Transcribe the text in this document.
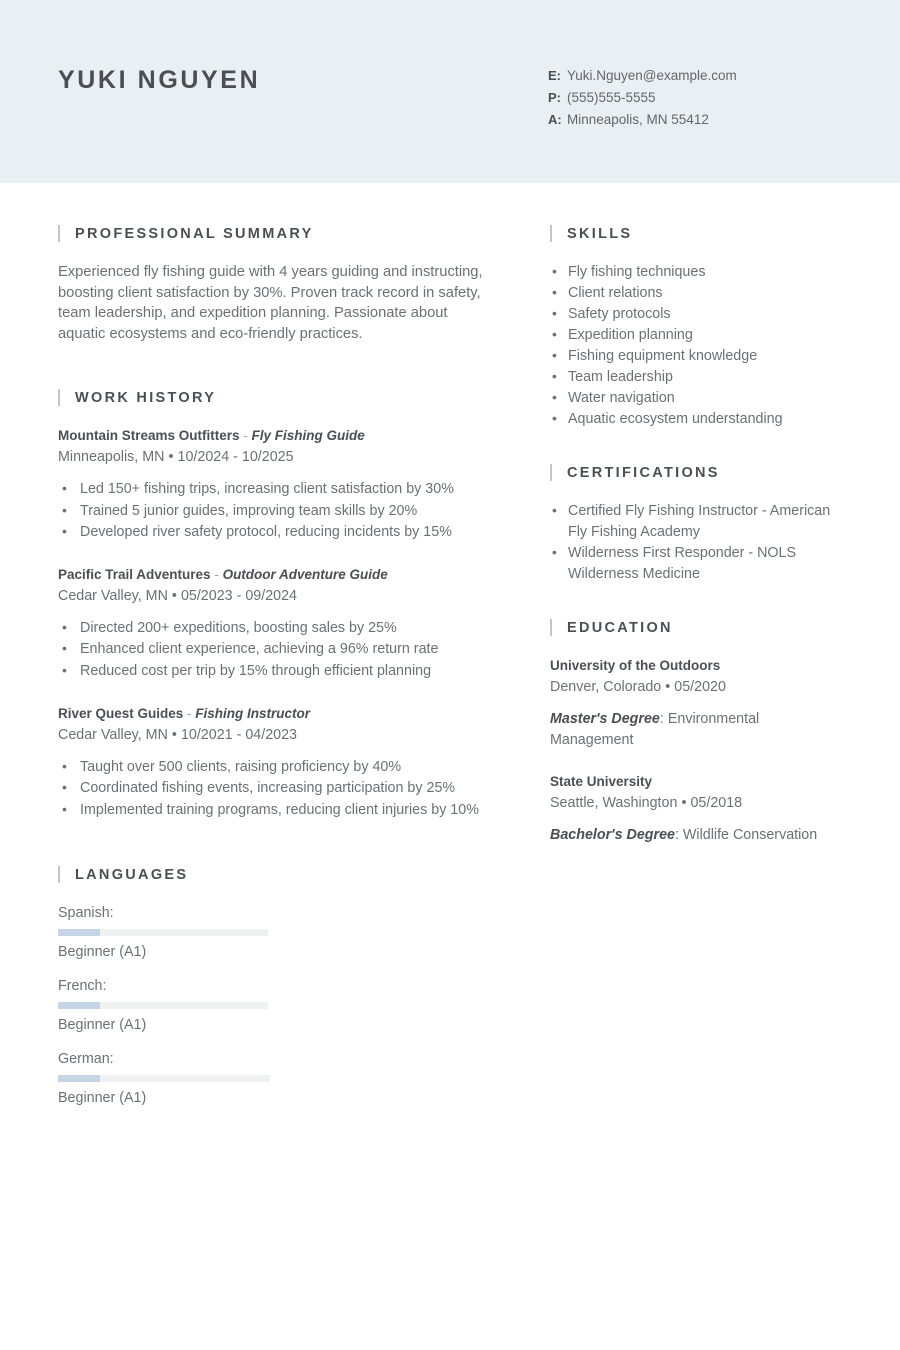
YUKI NGUYEN	E: Yuki.Nguyen@example.com
P: (555)555-5555
A: Minneapolis, MN 55412
PROFESSIONAL SUMMARY

Experienced fly fishing guide with 4 years guiding and instructing, boosting client satisfaction by 30%. Proven track record in safety, team leadership, and expedition planning. Passionate about aquatic ecosystems and eco-friendly practices.

WORK HISTORY
Mountain Streams Outfitters - Fly Fishing Guide
Minneapolis, MN • 10/2024 - 10/2025
• Led 150+ fishing trips, increasing client satisfaction by 30%
• Trained 5 junior guides, improving team skills by 20%
• Developed river safety protocol, reducing incidents by 15%
Pacific Trail Adventures - Outdoor Adventure Guide
Cedar Valley, MN • 05/2023 - 09/2024
• Directed 200+ expeditions, boosting sales by 25%
• Enhanced client experience, achieving a 96% return rate
• Reduced cost per trip by 15% through efficient planning
River Quest Guides - Fishing Instructor
Cedar Valley, MN • 10/2021 - 04/2023
• Taught over 500 clients, raising proficiency by 40%
• Coordinated fishing events, increasing participation by 25%
• Implemented training programs, reducing client injuries by 10%
LANGUAGES
Spanish:
Beginner (A1)
French:
Beginner (A1)
German:
Beginner (A1)
SKILLS
• Fly fishing techniques
• Client relations
• Safety protocols
• Expedition planning
• Fishing equipment knowledge
• Team leadership
• Water navigation
• Aquatic ecosystem understanding
CERTIFICATIONS
• Certified Fly Fishing Instructor - American Fly Fishing Academy
• Wilderness First Responder - NOLS Wilderness Medicine
EDUCATION
University of the Outdoors
Denver, Colorado • 05/2020
Master's Degree: Environmental Management
State University
Seattle, Washington • 05/2018
Bachelor's Degree: Wildlife Conservation
